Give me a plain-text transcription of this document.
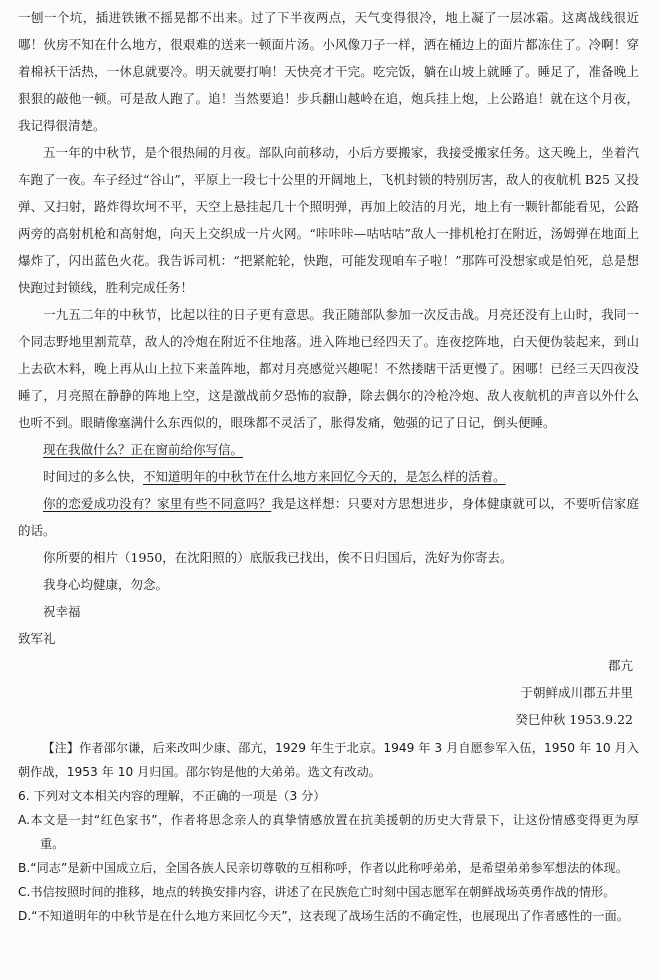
一刨一个坑，插进铁锹不摇晃都不出来。过了下半夜两点，天气变得很冷，地上凝了一层冰霜。这离战线很近哪！伙房不知在什么地方，很艰难的送来一顿面片汤。小风像刀子一样，洒在桶边上的面片都冻住了。冷啊！穿着棉袄干活热，一休息就要冷。明天就要打响！天快亮才干完。吃完饭，躺在山坡上就睡了。睡足了，准备晚上狠狠的敲他一顿。可是敌人跑了。追！当然要追！步兵翻山越岭在追，炮兵挂上炮，上公路追！就在这个月夜，我记得很清楚。

五一年的中秋节，是个很热闹的月夜。部队向前移动，小后方要搬家，我接受搬家任务。这天晚上，坐着汽车跑了一夜。车子经过“谷山”，平原上一段七十公里的开阔地上，飞机封锁的特别厉害，敌人的夜航机 B25 又投弹、又扫射，路炸得坎坷不平，天空上悬挂起几十个照明弹，再加上皎洁的月光，地上有一颗针都能看见，公路两旁的高射机枪和高射炮，向天上交织成一片火网。“咔咔咔—咕咕咕”敌人一排机枪打在附近，汤姆弹在地面上爆炸了，闪出蓝色火花。我告诉司机：“把紧舵轮，快跑，可能发现咱车子啦！”那阵可没想家或是怕死，总是想快跑过封锁线，胜利完成任务！

一九五二年的中秋节，比起以往的日子更有意思。我正随部队参加一次反击战。月亮还没有上山时，我同一个同志野地里割荒草，敌人的冷炮在附近不住地落。进入阵地已经四天了。连夜挖阵地，白天便伪装起来，到山上去砍木料，晚上再从山上拉下来盖阵地，都对月亮感觉兴趣呢！不然搂瞎干活更慢了。困哪！已经三天四夜没睡了，月亮照在静静的阵地上空，这是激战前夕恐怖的寂静，除去偶尔的冷枪冷炮、敌人夜航机的声音以外什么也听不到。眼睛像塞满什么东西似的，眼珠都不灵活了，胀得发痛，勉强的记了日记，倒头便睡。

现在我做什么？正在窗前给你写信。

时间过的多么快，不知道明年的中秋节在什么地方来回忆今天的，是怎么样的活着。

你的恋爱成功没有？家里有些不同意吗？我是这样想：只要对方思想进步，身体健康就可以，不要听信家庭的话。

你所要的相片（1950，在沈阳照的）底版我已找出，俟不日归国后，洗好为你寄去。

我身心均健康，勿念。

祝幸福

致军礼

郡亢

于朝鲜成川郡五井里

癸巳仲秋 1953.9.22

【注】作者邵尔谦，后来改叫少康、邵亢，1929 年生于北京。1949 年 3 月自愿参军入伍，1950 年 10 月入朝作战，1953 年 10 月归国。邵尔钧是他的大弟弟。选文有改动。

6. 下列对文本相关内容的理解，不正确的一项是（3 分）

A.本文是一封“红色家书”，作者将思念亲人的真挚情感放置在抗美援朝的历史大背景下，让这份情感变得更为厚重。

B.“同志”是新中国成立后，全国各族人民亲切尊敬的互相称呼，作者以此称呼弟弟，是希望弟弟参军想法的体现。

C.书信按照时间的推移，地点的转换安排内容，讲述了在民族危亡时刻中国志愿军在朝鲜战场英勇作战的情形。

D.“不知道明年的中秋节是在什么地方来回忆今天”，这表现了战场生活的不确定性，也展现出了作者感性的一面。
